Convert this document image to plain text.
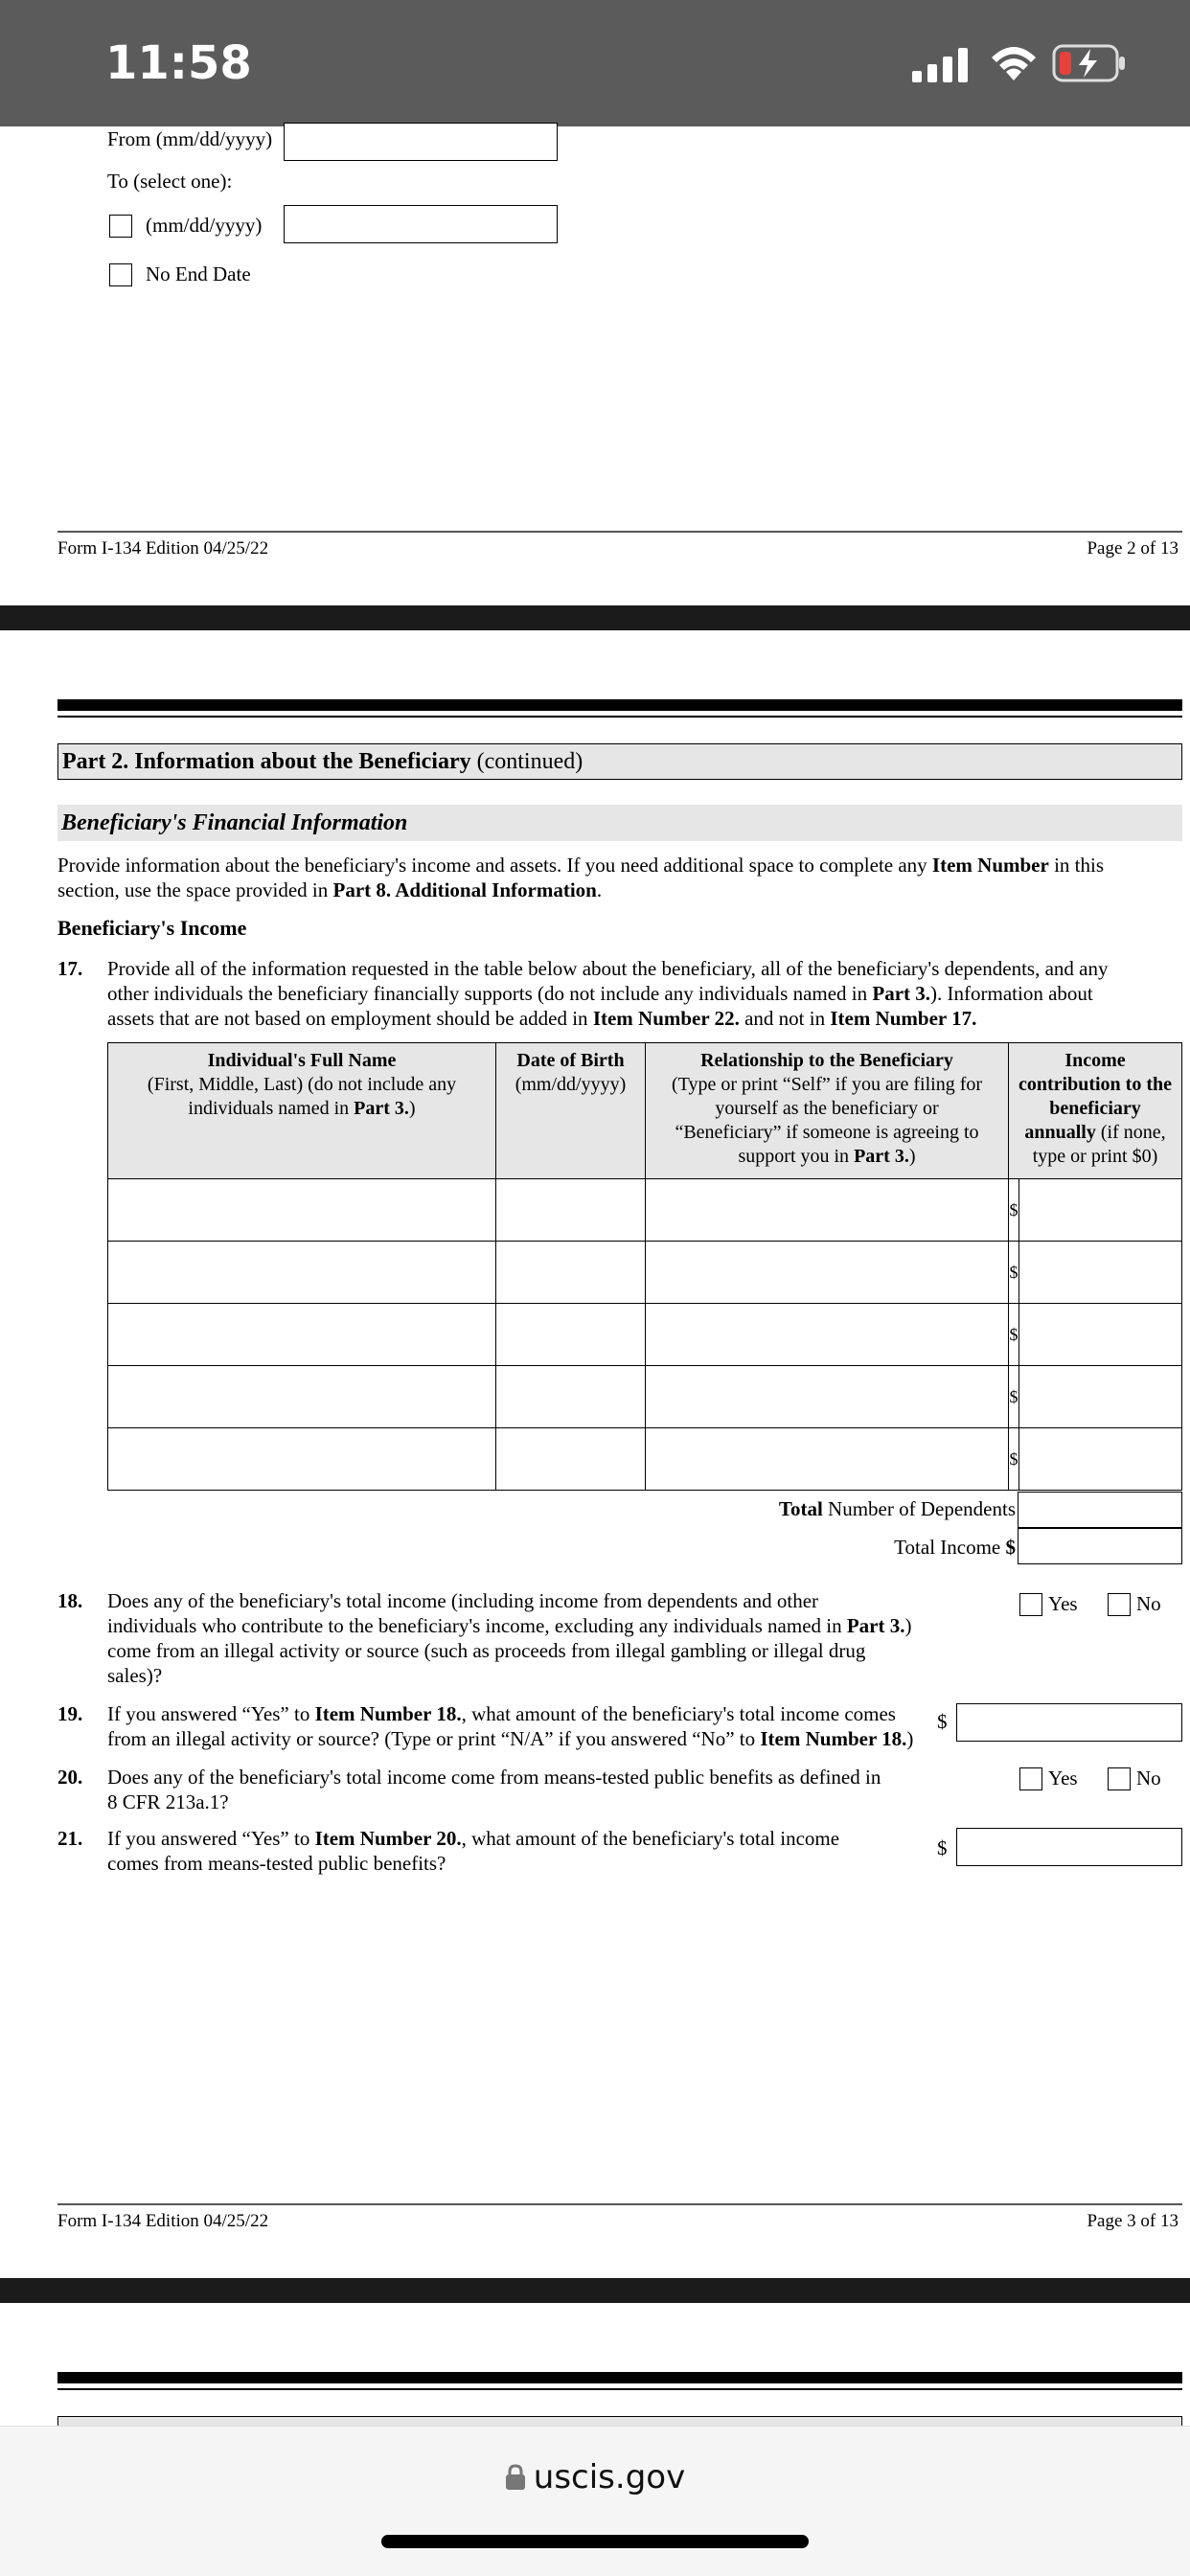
11:58
From (mm/dd/yyyy)
To (select one):
(mm/dd/yyyy)
No End Date
Form I-134 Edition 04/25/22	Page 2 of 13
Part 2. Information about the Beneficiary (continued)
Beneficiary's Financial Information
Provide information about the beneficiary's income and assets. If you need additional space to complete any Item Number in this
section, use the space provided in Part 8. Additional Information.
Beneficiary's Income
17. Provide all of the information requested in the table below about the beneficiary, all of the beneficiary's dependents, and any
other individuals the beneficiary financially supports (do not include any individuals named in Part 3.). Information about
assets that are not based on employment should be added in Item Number 22. and not in Item Number 17.
Individual's Full Name
(First, Middle, Last) (do not include any
individuals named in Part 3.)	Date of Birth
(mm/dd/yyyy)	Relationship to the Beneficiary
(Type or print “Self” if you are filing for
yourself as the beneficiary or
“Beneficiary” if someone is agreeing to
support you in Part 3.)	Income
contribution to the
beneficiary
annually (if none,
type or print $0)	
			$	
			$	
			$	
			$	
			$	
Total Number of Dependents
Total Income $
18. Does any of the beneficiary's total income (including income from dependents and other
individuals who contribute to the beneficiary's income, excluding any individuals named in Part 3.)
come from an illegal activity or source (such as proceeds from illegal gambling or illegal drug
sales)?
Yes	No
19. If you answered “Yes” to Item Number 18., what amount of the beneficiary's total income comes
from an illegal activity or source? (Type or print “N/A” if you answered “No” to Item Number 18.)
$
20. Does any of the beneficiary's total income come from means-tested public benefits as defined in
8 CFR 213a.1?
Yes	No
21. If you answered “Yes” to Item Number 20., what amount of the beneficiary's total income
comes from means-tested public benefits?
$
Form I-134 Edition 04/25/22	Page 3 of 13
uscis.gov
